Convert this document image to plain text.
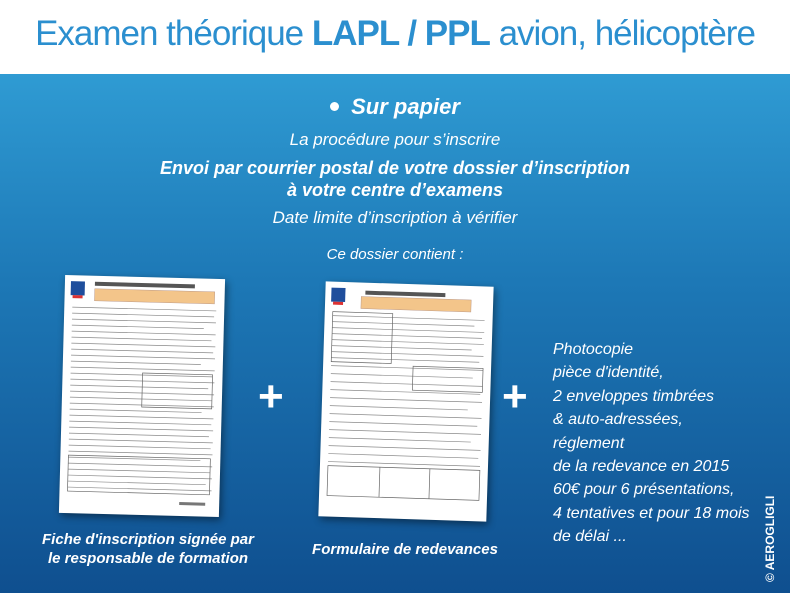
Examen théorique LAPL / PPL avion, hélicoptère
Sur papier
La procédure pour s’inscrire
Envoi par courrier postal de votre dossier d’inscription
à votre centre d’examens
Date limite d’inscription à vérifier
Ce dossier contient :
+	+
Fiche d'inscription signée par
le responsable de formation
Formulaire de redevances
Photocopie
pièce d'identité,
2 enveloppes timbrées
& auto-adressées,
réglement
de la redevance en 2015
60€ pour 6 présentations,
4 tentatives et pour 18 mois
de délai ...	© AEROGLIGLI
